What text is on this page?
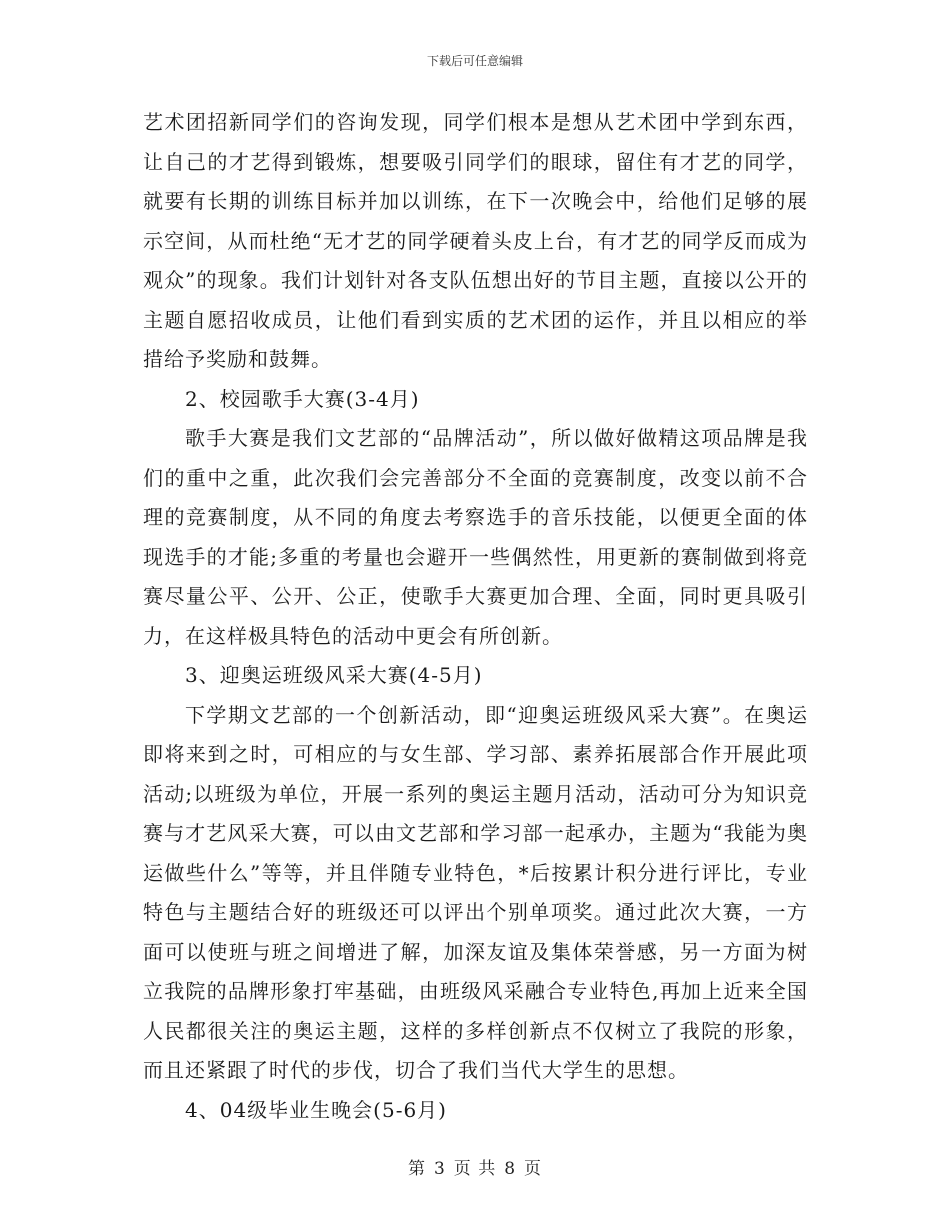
下载后可任意编辑

艺术团招新同学们的咨询发现，同学们根本是想从艺术团中学到东西，让自己的才艺得到锻炼，想要吸引同学们的眼球，留住有才艺的同学，就要有长期的训练目标并加以训练，在下一次晚会中，给他们足够的展示空间，从而杜绝“无才艺的同学硬着头皮上台，有才艺的同学反而成为观众”的现象。我们计划针对各支队伍想出好的节目主题，直接以公开的主题自愿招收成员，让他们看到实质的艺术团的运作，并且以相应的举措给予奖励和鼓舞。

2、校园歌手大赛(3-4月)

歌手大赛是我们文艺部的“品牌活动”，所以做好做精这项品牌是我们的重中之重，此次我们会完善部分不全面的竞赛制度，改变以前不合理的竞赛制度，从不同的角度去考察选手的音乐技能，以便更全面的体现选手的才能;多重的考量也会避开一些偶然性，用更新的赛制做到将竞赛尽量公平、公开、公正，使歌手大赛更加合理、全面，同时更具吸引力，在这样极具特色的活动中更会有所创新。

3、迎奥运班级风采大赛(4-5月)

下学期文艺部的一个创新活动，即“迎奥运班级风采大赛”。在奥运即将来到之时，可相应的与女生部、学习部、素养拓展部合作开展此项活动;以班级为单位，开展一系列的奥运主题月活动，活动可分为知识竞赛与才艺风采大赛，可以由文艺部和学习部一起承办，主题为“我能为奥运做些什么”等等，并且伴随专业特色，*后按累计积分进行评比，专业特色与主题结合好的班级还可以评出个别单项奖。通过此次大赛，一方面可以使班与班之间增进了解，加深友谊及集体荣誉感，另一方面为树立我院的品牌形象打牢基础，由班级风采融合专业特色,再加上近来全国人民都很关注的奥运主题，这样的多样创新点不仅树立了我院的形象，而且还紧跟了时代的步伐，切合了我们当代大学生的思想。

4、04级毕业生晚会(5-6月)

第 3 页 共 8 页
